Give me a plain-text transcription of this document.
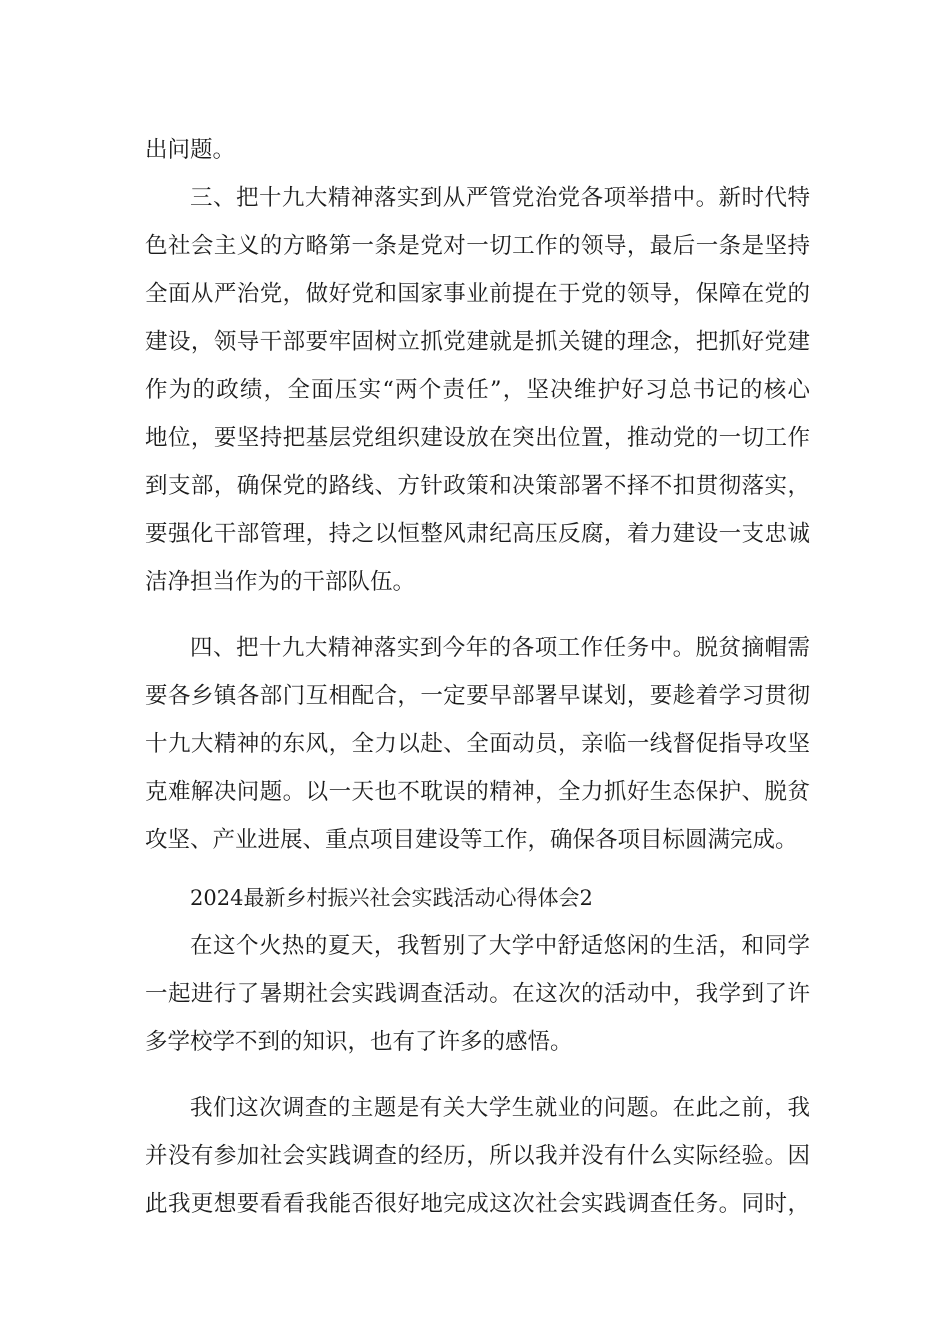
出问题。
三、把十九大精神落实到从严管党治党各项举措中。新时代特
色社会主义的方略第一条是党对一切工作的领导，最后一条是坚持
全面从严治党，做好党和国家事业前提在于党的领导，保障在党的
建设，领导干部要牢固树立抓党建就是抓关键的理念，把抓好党建
作为的政绩，全面压实“两个责任”，坚决维护好习总书记的核心
地位，要坚持把基层党组织建设放在突出位置，推动党的一切工作
到支部，确保党的路线、方针政策和决策部署不择不扣贯彻落实，
要强化干部管理，持之以恒整风肃纪高压反腐，着力建设一支忠诚
洁净担当作为的干部队伍。
四、把十九大精神落实到今年的各项工作任务中。脱贫摘帽需
要各乡镇各部门互相配合，一定要早部署早谋划，要趁着学习贯彻
十九大精神的东风，全力以赴、全面动员，亲临一线督促指导攻坚
克难解决问题。以一天也不耽误的精神，全力抓好生态保护、脱贫
攻坚、产业进展、重点项目建设等工作，确保各项目标圆满完成。
2024最新乡村振兴社会实践活动心得体会2
在这个火热的夏天，我暂别了大学中舒适悠闲的生活，和同学
一起进行了暑期社会实践调查活动。在这次的活动中，我学到了许
多学校学不到的知识，也有了许多的感悟。
我们这次调查的主题是有关大学生就业的问题。在此之前，我
并没有参加社会实践调查的经历，所以我并没有什么实际经验。因
此我更想要看看我能否很好地完成这次社会实践调查任务。同时，
